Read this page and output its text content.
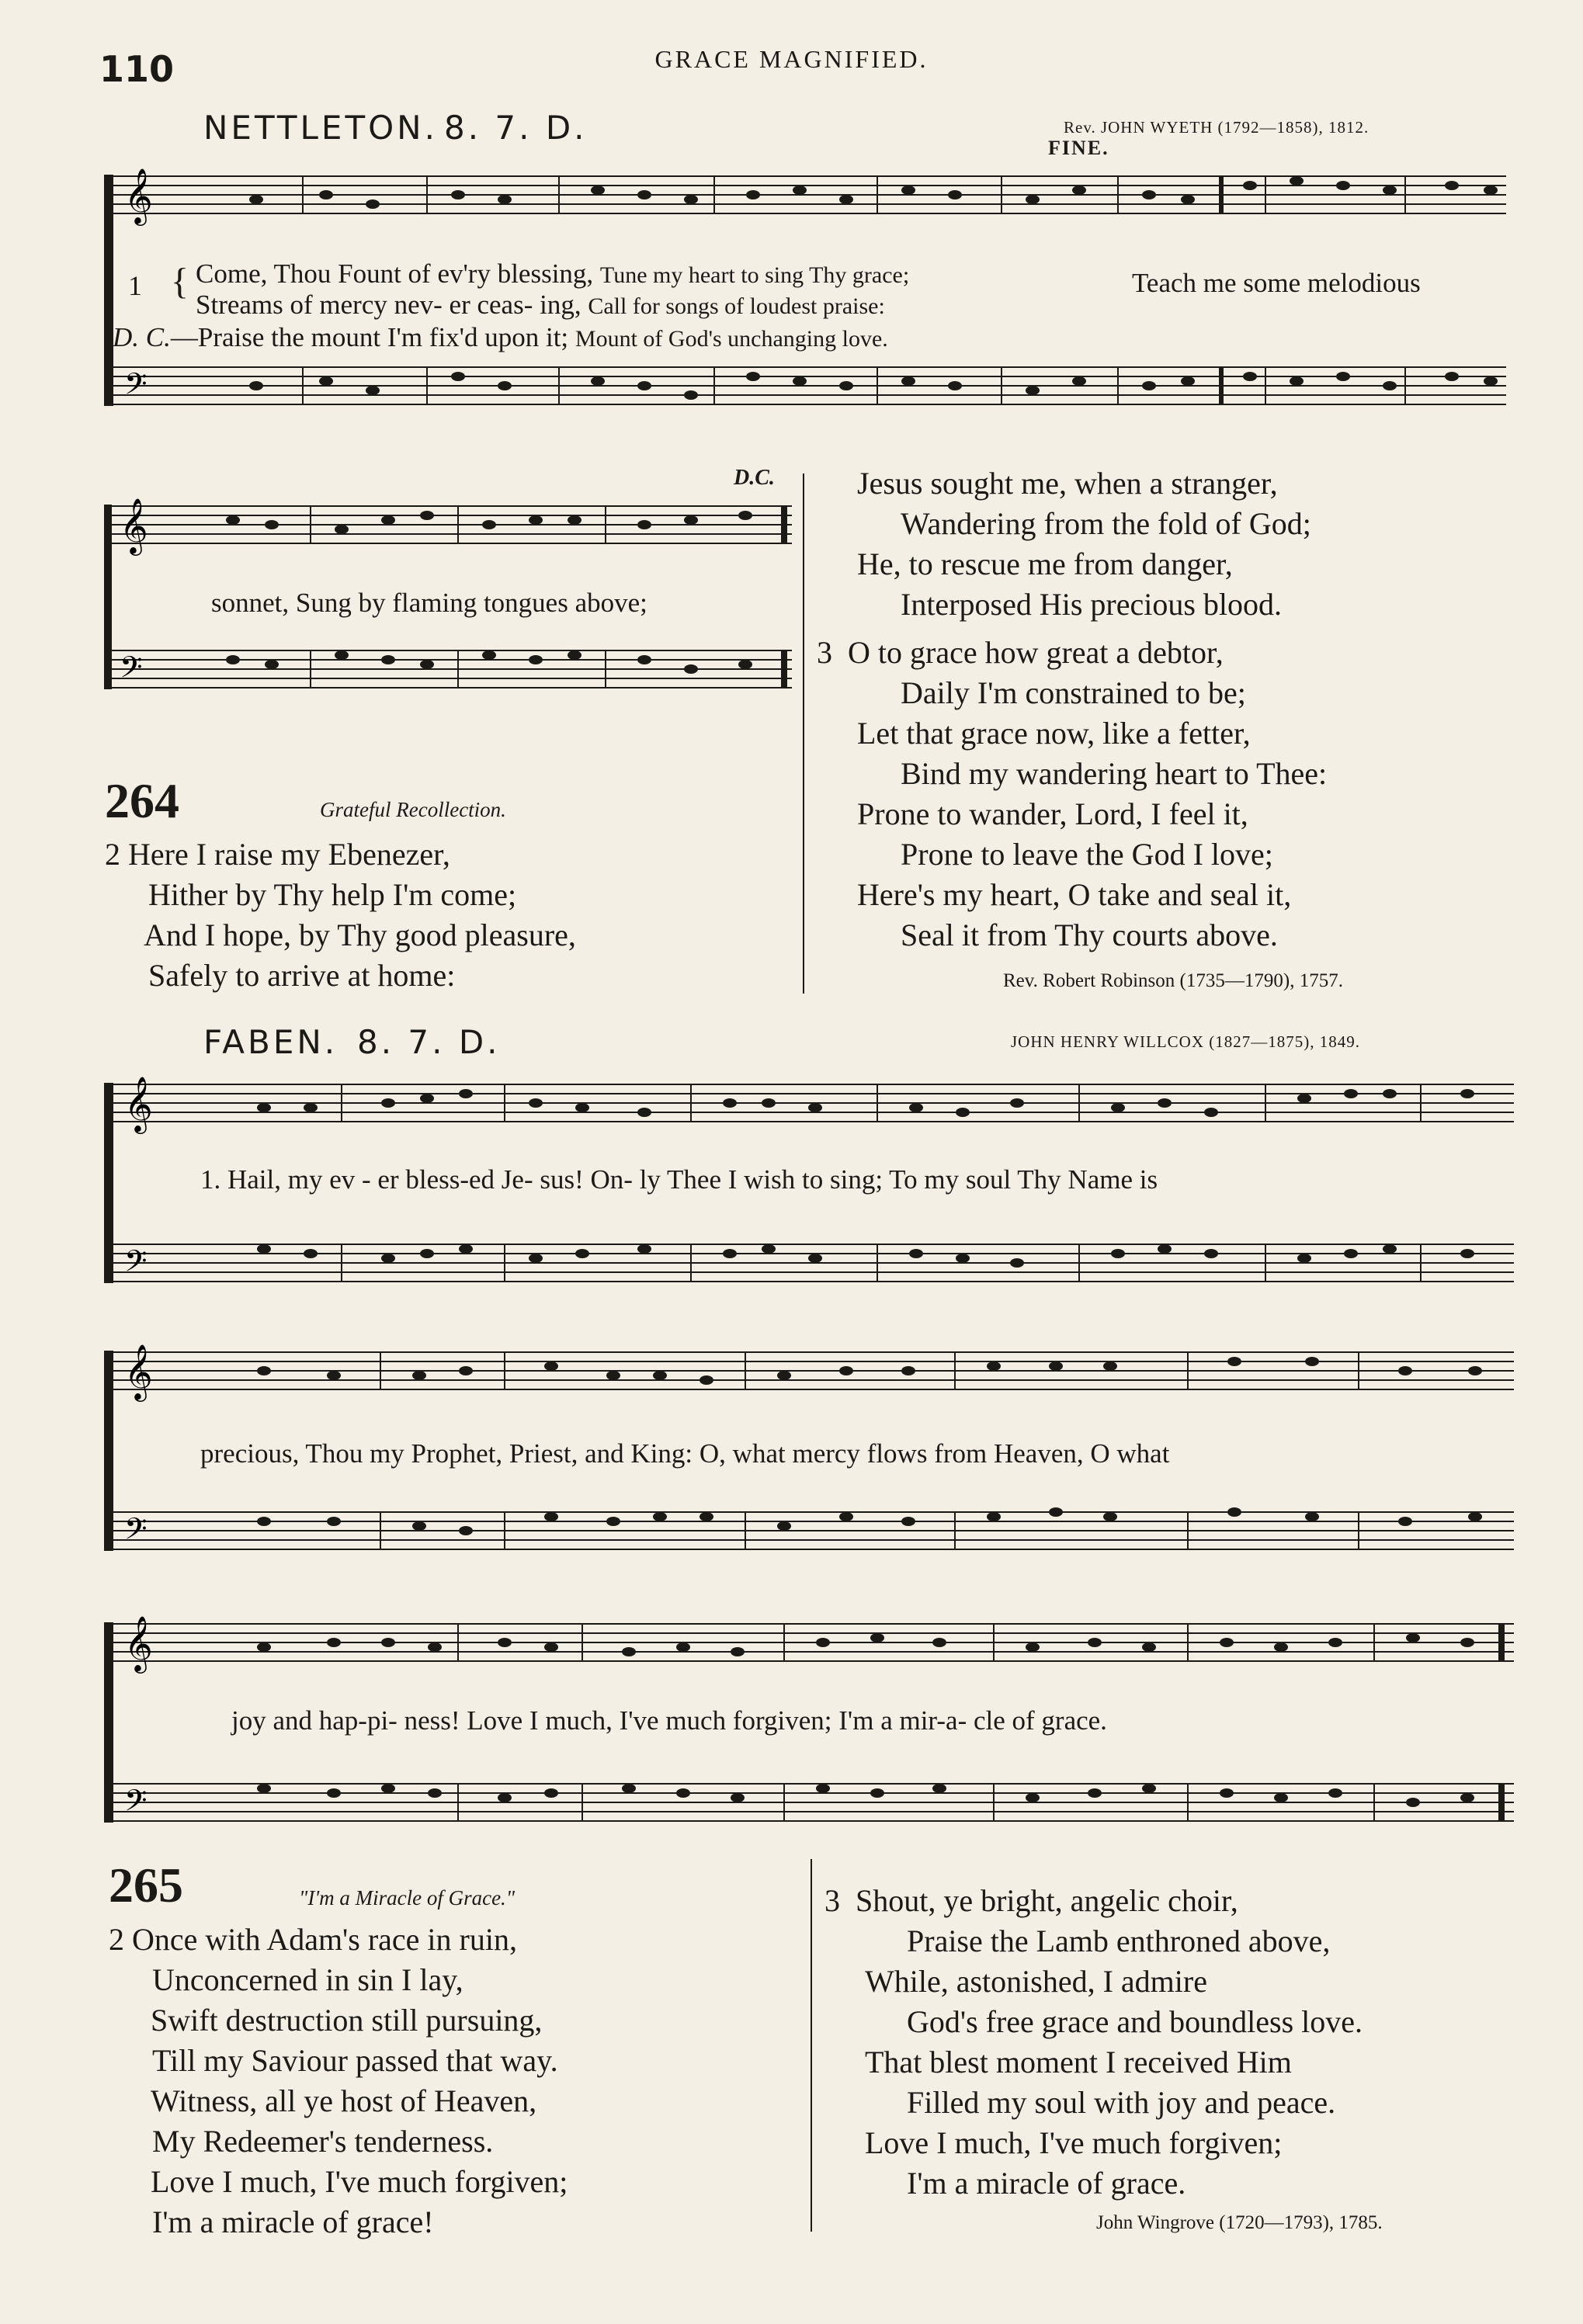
110	GRACE MAGNIFIED.
NETTLETON. 8. 7. D.	Rev. JOHN WYETH (1792—1858), 1812.
FINE.
𝄞
𝄢
1 { Come, Thou Fount of ev'ry blessing, Tune my heart to sing Thy grace;
Streams of mercy nev- er ceas- ing, Call for songs of loudest praise:
Teach me some melodious
D. C.—Praise the mount I'm fix'd upon it; Mount of God's unchanging love.
D.C.
𝄞
𝄢
sonnet, Sung by flaming tongues above;
264	Grateful Recollection.
2 Here I raise my Ebenezer,
Hither by Thy help I'm come;
And I hope, by Thy good pleasure,
Safely to arrive at home:
Jesus sought me, when a stranger,
Wandering from the fold of God;
He, to rescue me from danger,
Interposed His precious blood.
3 O to grace how great a debtor,
Daily I'm constrained to be;
Let that grace now, like a fetter,
Bind my wandering heart to Thee:
Prone to wander, Lord, I feel it,
Prone to leave the God I love;
Here's my heart, O take and seal it,
Seal it from Thy courts above.
Rev. Robert Robinson (1735—1790), 1757.
FABEN. 8. 7. D.	JOHN HENRY WILLCOX (1827—1875), 1849.
𝄞
𝄢
1. Hail, my ev - er bless-ed Je- sus! On- ly Thee I wish to sing; To my soul Thy Name is
𝄞
𝄢
precious, Thou my Prophet, Priest, and King: O, what mercy flows from Heaven, O what
𝄞
𝄢
joy and hap-pi- ness! Love I much, I've much forgiven; I'm a mir-a- cle of grace.
265	"I'm a Miracle of Grace."
2 Once with Adam's race in ruin,
Unconcerned in sin I lay,
Swift destruction still pursuing,
Till my Saviour passed that way.
Witness, all ye host of Heaven,
My Redeemer's tenderness.
Love I much, I've much forgiven;
I'm a miracle of grace!
3 Shout, ye bright, angelic choir,
Praise the Lamb enthroned above,
While, astonished, I admire
God's free grace and boundless love.
That blest moment I received Him
Filled my soul with joy and peace.
Love I much, I've much forgiven;
I'm a miracle of grace.
John Wingrove (1720—1793), 1785.
